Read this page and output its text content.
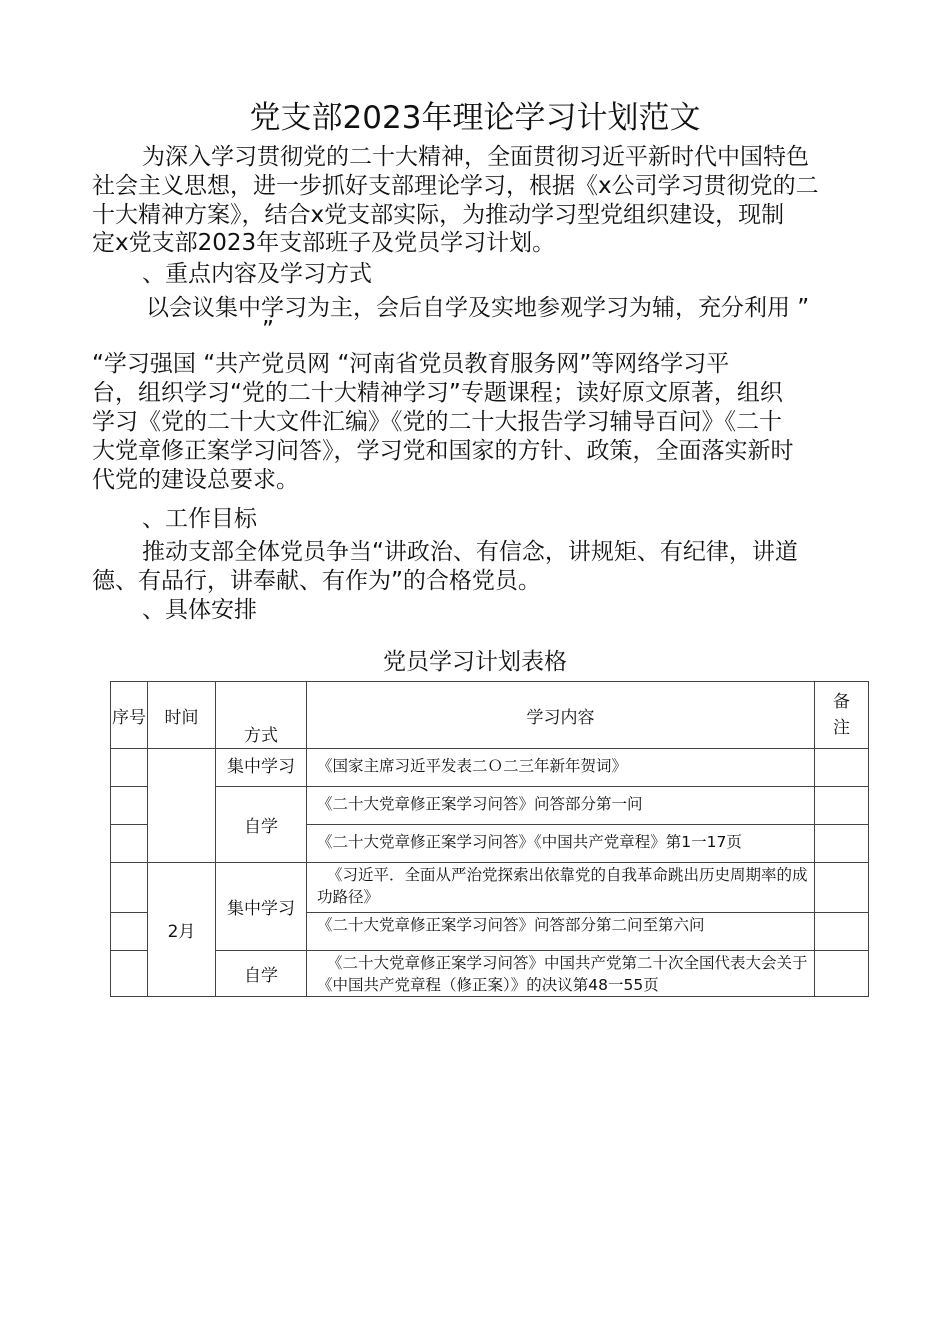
党支部2023年理论学习计划范文
为深入学习贯彻党的二十大精神，全面贯彻习近平新时代中国特色
社会主义思想，进一步抓好支部理论学习，根据《x公司学习贯彻党的二
十大精神方案》，结合x党支部实际，为推动学习型党组织建设，现制
定x党支部2023年支部班子及党员学习计划。
、重点内容及学习方式
以会议集中学习为主，会后自学及实地参观学习为辅，充分利用 ”
”
“学习强国 “共产党员网 “河南省党员教育服务网”等网络学习平
台，组织学习“党的二十大精神学习”专题课程；读好原文原著，组织
学习《党的二十大文件汇编》《党的二十大报告学习辅导百问》《二十
大党章修正案学习问答》，学习党和国家的方针、政策，全面落实新时
代党的建设总要求。
、工作目标
推动支部全体党员争当“讲政治、有信念，讲规矩、有纪律，讲道
德、有品行，讲奉献、有作为”的合格党员。
、具体安排
党员学习计划表格
序号	时间	方式	学习内容	备
注
		集中学习	《国家主席习近平发表二Ｏ二三年新年贺词》	
		自学	《二十大党章修正案学习问答》问答部分第一问	
			《二十大党章修正案学习问答》《中国共产党章程》第1一17页	
	2月	集中学习	《习近平．全面从严治党探索出依靠党的自我革命跳出历史周期率的成功路径》	
			《二十大党章修正案学习问答》问答部分第二问至第六问	
		自学	《二十大党章修正案学习问答》中国共产党第二十次全国代表大会关于《中国共产党章程（修正案）》的决议第48一55页	
